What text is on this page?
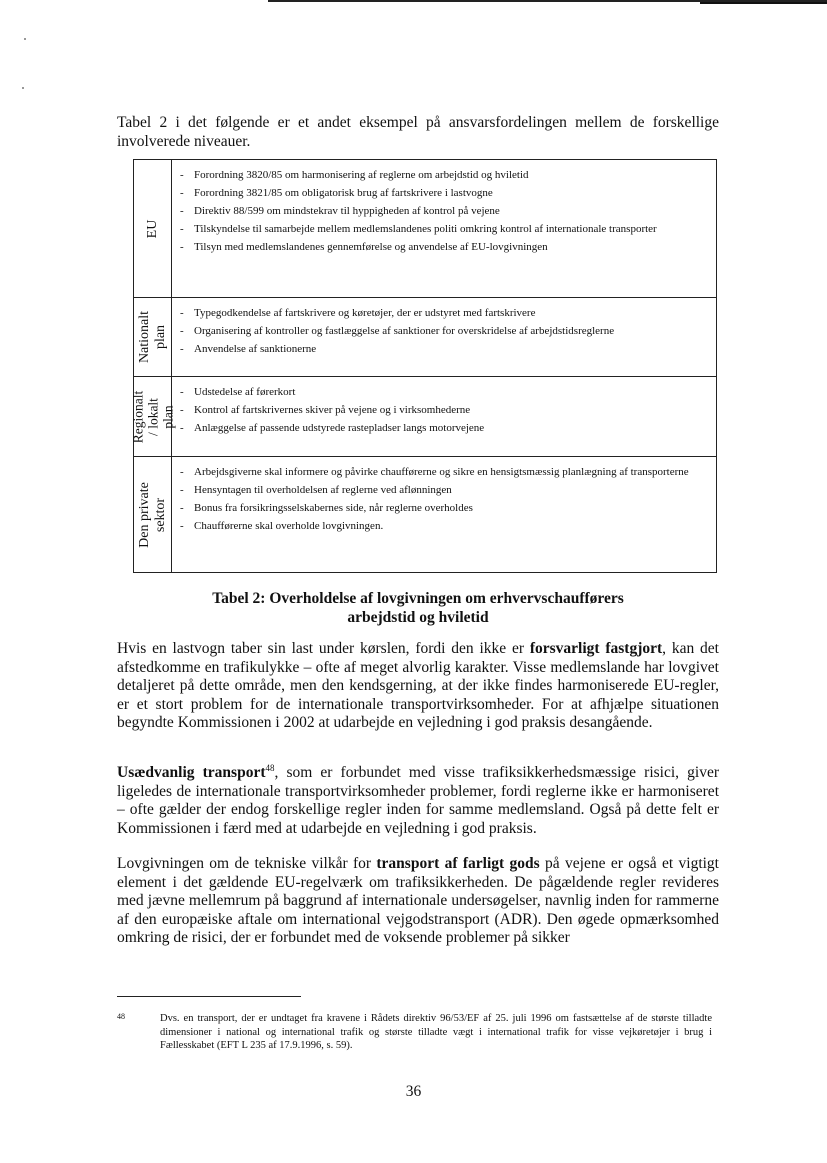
Tabel 2 i det følgende er et andet eksempel på ansvarsfordelingen mellem de forskellige involverede niveauer.

EU
- Forordning 3820/85 om harmonisering af reglerne om arbejdstid og hviletid
- Forordning 3821/85 om obligatorisk brug af fartskrivere i lastvogne
- Direktiv 88/599 om mindstekrav til hyppigheden af kontrol på vejene
- Tilskyndelse til samarbejde mellem medlemslandenes politi omkring kontrol af internationale transporter
- Tilsyn med medlemslandenes gennemførelse og anvendelse af EU-lovgivningen
Nationalt
plan
- Typegodkendelse af fartskrivere og køretøjer, der er udstyret med fartskrivere
- Organisering af kontroller og fastlæggelse af sanktioner for overskridelse af arbejdstidsreglerne
- Anvendelse af sanktionerne
Regionalt
/ lokalt
plan
- Udstedelse af førerkort
- Kontrol af fartskrivernes skiver på vejene og i virksomhederne
- Anlæggelse af passende udstyrede rastepladser langs motorvejene
Den private
sektor
- Arbejdsgiverne skal informere og påvirke chaufførerne og sikre en hensigtsmæssig planlægning af transporterne
- Hensyntagen til overholdelsen af reglerne ved aflønningen
- Bonus fra forsikringsselskabernes side, når reglerne overholdes
- Chaufførerne skal overholde lovgivningen.
Tabel 2: Overholdelse af lovgivningen om erhvervschaufførers
arbejdstid og hviletid

Hvis en lastvogn taber sin last under kørslen, fordi den ikke er forsvarligt fastgjort, kan det afstedkomme en trafikulykke – ofte af meget alvorlig karakter. Visse medlemslande har lovgivet detaljeret på dette område, men den kendsgerning, at der ikke findes harmoniserede EU-regler, er et stort problem for de internationale transportvirksomheder. For at afhjælpe situationen begyndte Kommissionen i 2002 at udarbejde en vejledning i god praksis desangående.

Usædvanlig transport$^{48}$, som er forbundet med visse trafiksikkerhedsmæssige risici, giver ligeledes de internationale transportvirksomheder problemer, fordi reglerne ikke er harmoniseret – ofte gælder der endog forskellige regler inden for samme medlemsland. Også på dette felt er Kommissionen i færd med at udarbejde en vejledning i god praksis.

Lovgivningen om de tekniske vilkår for transport af farligt gods på vejene er også et vigtigt element i det gældende EU-regelværk om trafiksikkerheden. De pågældende regler revideres med jævne mellemrum på baggrund af internationale undersøgelser, navnlig inden for rammerne af den europæiske aftale om international vejgodstransport (ADR). Den øgede opmærksomhed omkring de risici, der er forbundet med de voksende problemer på sikker

48	Dvs. en transport, der er undtaget fra kravene i Rådets direktiv 96/53/EF af 25. juli 1996 om fastsættelse af de største tilladte dimensioner i national og international trafik og største tilladte vægt i international trafik for visse vejkøretøjer i brug i Fællesskabet (EFT L 235 af 17.9.1996, s. 59).
36
